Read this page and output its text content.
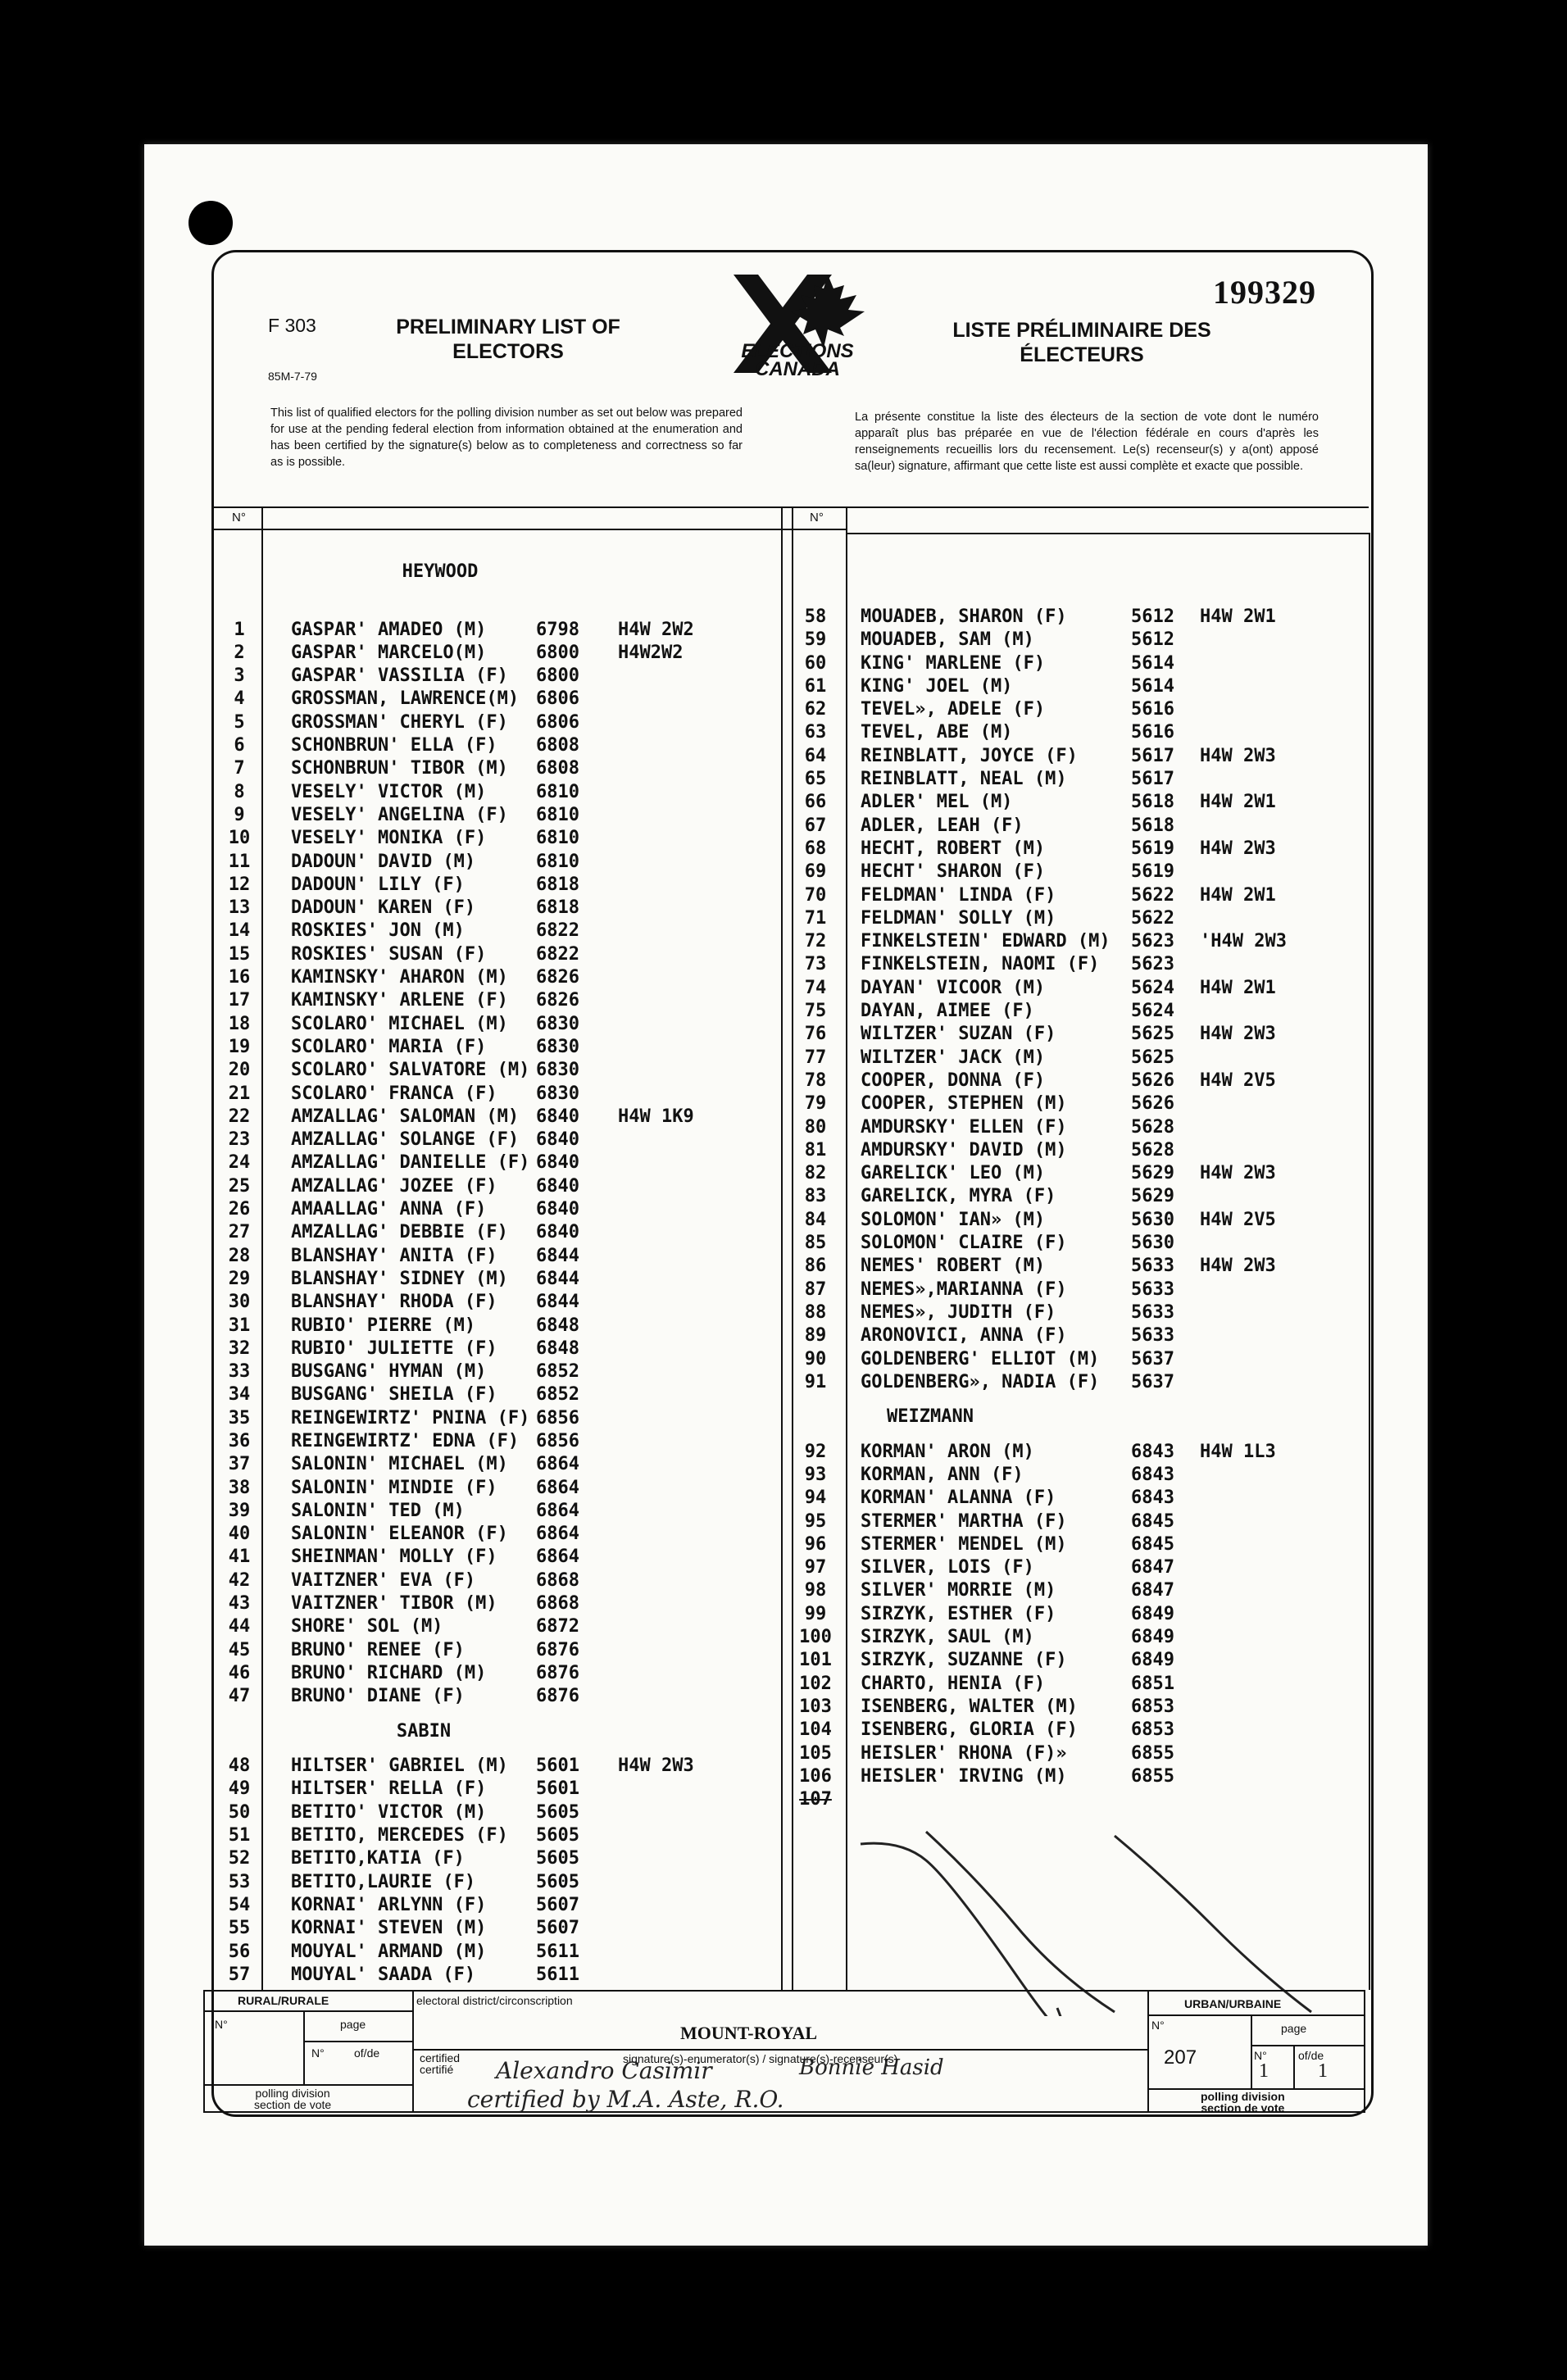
F 303
85M-7-79
PRELIMINARY LIST OF ELECTORS
LISTE PRÉLIMINAIRE DES ÉLECTEURS
199329
ELECTIONS
CANADA
This list of qualified electors for the polling division number as set out below was prepared for use at the pending federal election from information obtained at the enumeration and has been certified by the signature(s) below as to completeness and correctness so far as is possible.
La présente constitue la liste des électeurs de la section de vote dont le numéro apparaît plus bas préparée en vue de l'élection fédérale en cours d'après les renseignements recueillis lors du recensement. Le(s) recenseur(s) y a(ont) apposé sa(leur) signature, affirmant que cette liste est aussi complète et exacte que possible.
N°	N°
HEYWOOD
1	GASPAR' AMADEO (M)	6798 H4W 2W2
2	GASPAR' MARCELO(M)	6800 H4W2W2
3	GASPAR' VASSILIA (F) 6800
4	GROSSMAN, LAWRENCE(M) 6806
5	GROSSMAN' CHERYL (F) 6806
6	SCHONBRUN' ELLA (F) 6808
7	SCHONBRUN' TIBOR (M) 6808
8	VESELY' VICTOR (M)	6810
9	VESELY' ANGELINA (F) 6810
10	VESELY' MONIKA (F)	6810
11	DADOUN' DAVID (M)	6810
12	DADOUN' LILY (F)	6818
13	DADOUN' KAREN (F)	6818
14	ROSKIES' JON (M)	6822
15	ROSKIES' SUSAN (F)	6822
16	KAMINSKY' AHARON (M) 6826
17	KAMINSKY' ARLENE (F) 6826
18	SCOLARO' MICHAEL (M) 6830
19	SCOLARO' MARIA (F)	6830
20	SCOLARO' SALVATORE (M) 6830
21	SCOLARO' FRANCA (F) 6830
22	AMZALLAG' SALOMAN (M) 6840 H4W 1K9
23	AMZALLAG' SOLANGE (F) 6840
24	AMZALLAG' DANIELLE (F) 6840
25	AMZALLAG' JOZEE (F) 6840
26	AMAALLAG' ANNA (F)	6840
27	AMZALLAG' DEBBIE (F) 6840
28	BLANSHAY' ANITA (F) 6844
29	BLANSHAY' SIDNEY (M) 6844
30	BLANSHAY' RHODA (F) 6844
31	RUBIO' PIERRE (M)	6848
32	RUBIO' JULIETTE (F) 6848
33	BUSGANG' HYMAN (M)	6852
34	BUSGANG' SHEILA (F) 6852
35	REINGEWIRTZ' PNINA (F) 6856
36	REINGEWIRTZ' EDNA (F) 6856
37	SALONIN' MICHAEL (M) 6864
38	SALONIN' MINDIE (F) 6864
39	SALONIN' TED (M)	6864
40	SALONIN' ELEANOR (F) 6864
41	SHEINMAN' MOLLY (F) 6864
42	VAITZNER' EVA (F)	6868
43	VAITZNER' TIBOR (M) 6868
44	SHORE' SOL (M)	6872
45	BRUNO' RENEE (F)	6876
46	BRUNO' RICHARD (M)	6876
47	BRUNO' DIANE (F)	6876
SABIN
48	HILTSER' GABRIEL (M) 5601 H4W 2W3
49	HILTSER' RELLA (F)	5601
50	BETITO' VICTOR (M)	5605
51	BETITO, MERCEDES (F) 5605
52	BETITO,KATIA (F)	5605
53	BETITO,LAURIE (F)	5605
54	KORNAI' ARLYNN (F)	5607
55	KORNAI' STEVEN (M)	5607
56	MOUYAL' ARMAND (M)	5611
57	MOUYAL' SAADA (F)	5611
58	MOUADEB, SHARON (F)	5612 H4W 2W1
59	MOUADEB, SAM (M)	5612
60	KING' MARLENE (F)	5614
61	KING' JOEL (M)	5614
62	TEVEL», ADELE (F)	5616
63	TEVEL, ABE (M)	5616
64	REINBLATT, JOYCE (F)	5617 H4W 2W3
65	REINBLATT, NEAL (M)	5617
66	ADLER' MEL (M)	5618 H4W 2W1
67	ADLER, LEAH (F)	5618
68	HECHT, ROBERT (M)	5619 H4W 2W3
69	HECHT' SHARON (F)	5619
70	FELDMAN' LINDA (F)	5622 H4W 2W1
71	FELDMAN' SOLLY (M)	5622
72	FINKELSTEIN' EDWARD (M) 5623 'H4W 2W3
73	FINKELSTEIN, NAOMI (F) 5623
74	DAYAN' VICOOR (M)	5624 H4W 2W1
75	DAYAN, AIMEE (F)	5624
76	WILTZER' SUZAN (F)	5625 H4W 2W3
77	WILTZER' JACK (M)	5625
78	COOPER, DONNA (F)	5626 H4W 2V5
79	COOPER, STEPHEN (M)	5626
80	AMDURSKY' ELLEN (F)	5628
81	AMDURSKY' DAVID (M)	5628
82	GARELICK' LEO (M)	5629 H4W 2W3
83	GARELICK, MYRA (F)	5629
84	SOLOMON' IAN» (M)	5630 H4W 2V5
85	SOLOMON' CLAIRE (F)	5630
86	NEMES' ROBERT (M)	5633 H4W 2W3
87	NEMES»,MARIANNA (F)	5633
88	NEMES», JUDITH (F)	5633
89	ARONOVICI, ANNA (F)	5633
90	GOLDENBERG' ELLIOT (M) 5637
91	GOLDENBERG», NADIA (F) 5637
WEIZMANN
92	KORMAN' ARON (M)	6843 H4W 1L3
93	KORMAN, ANN (F)	6843
94	KORMAN' ALANNA (F)	6843
95	STERMER' MARTHA (F)	6845
96	STERMER' MENDEL (M)	6845
97	SILVER, LOIS (F)	6847
98	SILVER' MORRIE (M)	6847
99	SIRZYK, ESTHER (F)	6849
100 SIRZYK, SAUL (M)	6849
101 SIRZYK, SUZANNE (F)	6849
102 CHARTO, HENIA (F)	6851
103 ISENBERG, WALTER (M)	6853
104 ISENBERG, GLORIA (F)	6853
105 HEISLER' RHONA (F)»	6855
106 HEISLER' IRVING (M)	6855
107
RURAL/RURALE
N°	page
N°	of/de
polling division
section de vote
electoral district/circonscription
MOUNT-ROYAL
certified
certifié
signature(s)-enumerator(s) / signature(s)-recenseur(s)
Alexandro Casimir	Bonnie Hasid
certified by M.A. Aste, R.O.
URBAN/URBAINE
N°
207
page
N°	of/de
1	1
polling division
section de vote
